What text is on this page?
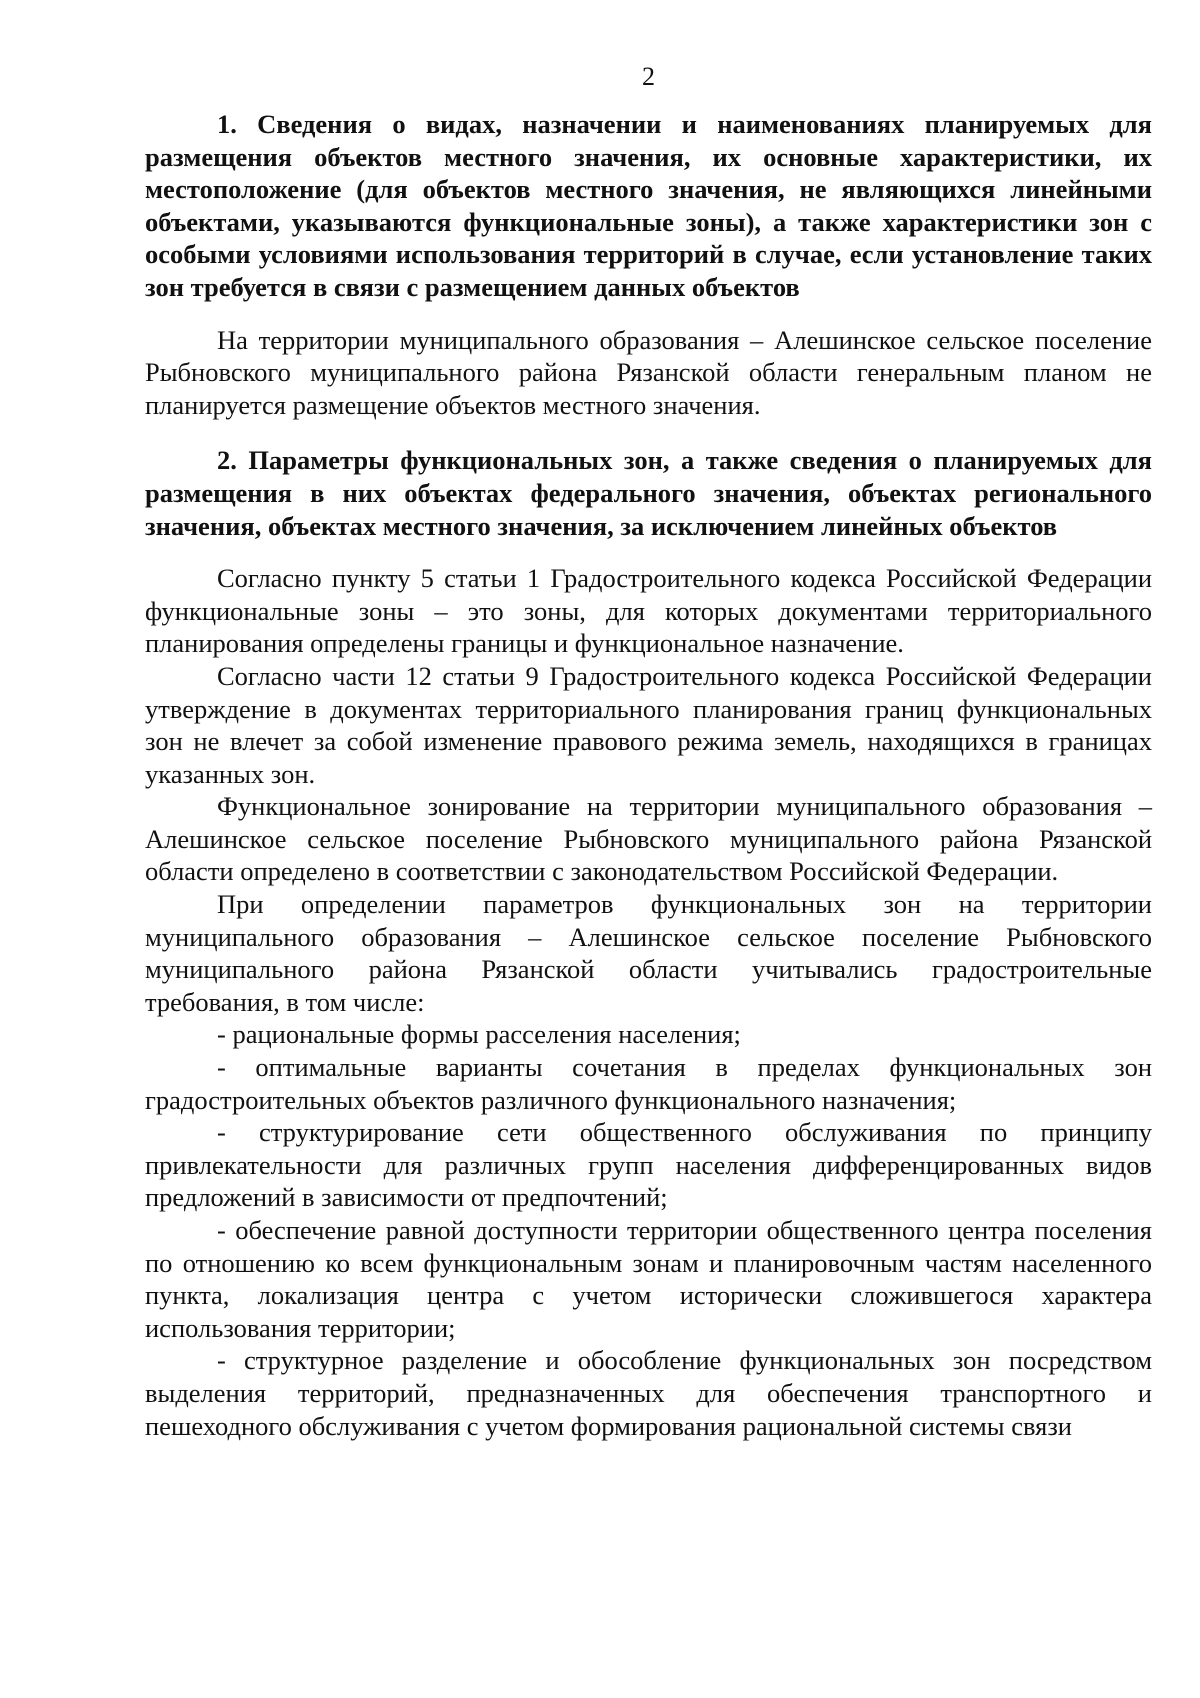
2

1. Сведения о видах, назначении и наименованиях планируемых для размещения объектов местного значения, их основные характеристики, их местоположение (для объектов местного значения, не являющихся линейными объектами, указываются функциональные зоны), а также характеристики зон с особыми условиями использования территорий в случае, если установление таких зон требуется в связи с размещением данных объектов

На территории муниципального образования – Алешинское сельское поселение Рыбновского муниципального района Рязанской области генеральным планом не планируется размещение объектов местного значения.

2. Параметры функциональных зон, а также сведения о планируемых для размещения в них объектах федерального значения, объектах регионального значения, объектах местного значения, за исключением линейных объектов

Согласно пункту 5 статьи 1 Градостроительного кодекса Российской Федерации функциональные зоны – это зоны, для которых документами территориального планирования определены границы и функциональное назначение.

Согласно части 12 статьи 9 Градостроительного кодекса Российской Федерации утверждение в документах территориального планирования границ функциональных зон не влечет за собой изменение правового режима земель, находящихся в границах указанных зон.

Функциональное зонирование на территории муниципального образования – Алешинское сельское поселение Рыбновского муниципального района Рязанской области определено в соответствии с законодательством Российской Федерации.

При определении параметров функциональных зон на территории муниципального образования – Алешинское сельское поселение Рыбновского муниципального района Рязанской области учитывались градостроительные требования, в том числе:

- рациональные формы расселения населения;

- оптимальные варианты сочетания в пределах функциональных зон градостроительных объектов различного функционального назначения;

- структурирование сети общественного обслуживания по принципу привлекательности для различных групп населения дифференцированных видов предложений в зависимости от предпочтений;

- обеспечение равной доступности территории общественного центра поселения по отношению ко всем функциональным зонам и планировочным частям населенного пункта, локализация центра с учетом исторически сложившегося характера использования территории;

- структурное разделение и обособление функциональных зон посредством выделения территорий, предназначенных для обеспечения транспортного и пешеходного обслуживания с учетом формирования рациональной системы связи
